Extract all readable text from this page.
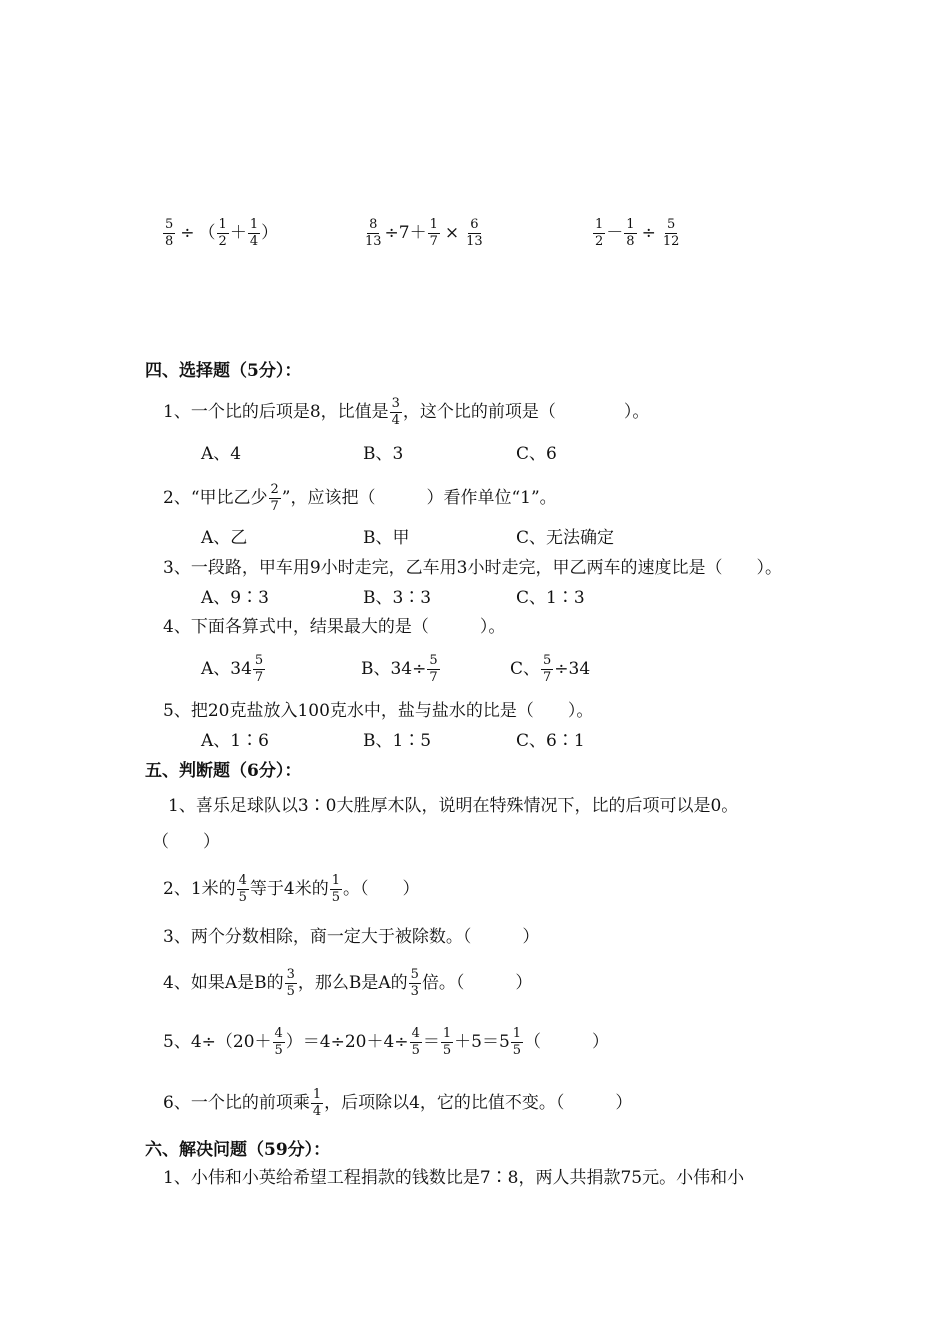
$\frac{5}{8}$ ÷ （ $\frac{1}{2} + \frac{1}{4}$ ）	$\frac{8}{13} \div 7+ \frac{1}{7} \times \frac{6}{13}$	$\frac{1}{2} - \frac{1}{8} \div \frac{5}{12}$
四、选择题（5分）：
1、一个比的后项是8，比值是 $\frac{3}{4}$ ，这个比的前项是（　　　　）。
A、4	B、3	C、6
2、“甲比乙少 $\frac{2}{7}$ ”，应该把（　　　）看作单位“1”。
A、乙	B、甲	C、无法确定
3、一段路，甲车用9小时走完，乙车用3小时走完，甲乙两车的速度比是（　　）。
A、9∶3	B、3∶3	C、1∶3
4、下面各算式中，结果最大的是（　　　）。
A、$34 \frac{5}{7}$	B、$34\div \frac{5}{7}$	C、 $\frac{5}{7} \div 34$
5、把20克盐放入100克水中，盐与盐水的比是（　　）。
A、1∶6	B、1∶5	C、6∶1
五、判断题（6分）：
1、喜乐足球队以3∶0大胜厚木队，说明在特殊情况下，比的后项可以是0。
（　　）
2、1米的 $\frac{4}{5}$ 等于4米的 $\frac{1}{5}$ 。（　　）
3、两个分数相除，商一定大于被除数。（　　　）
4、如果A是B的 $\frac{3}{5}$ ，那么B是A的 $\frac{5}{3}$ 倍。（　　　）
5、$4\div(20+ \frac{4}{5} )=4\div 20+4\div \frac{4}{5} = \frac{1}{5} +5=5 \frac{1}{5}$ （　　　）
6、一个比的前项乘 $\frac{1}{4}$ ，后项除以4，它的比值不变。（　　　）
六、解决问题（59分）：
1、小伟和小英给希望工程捐款的钱数比是7∶8，两人共捐款75元。小伟和小
